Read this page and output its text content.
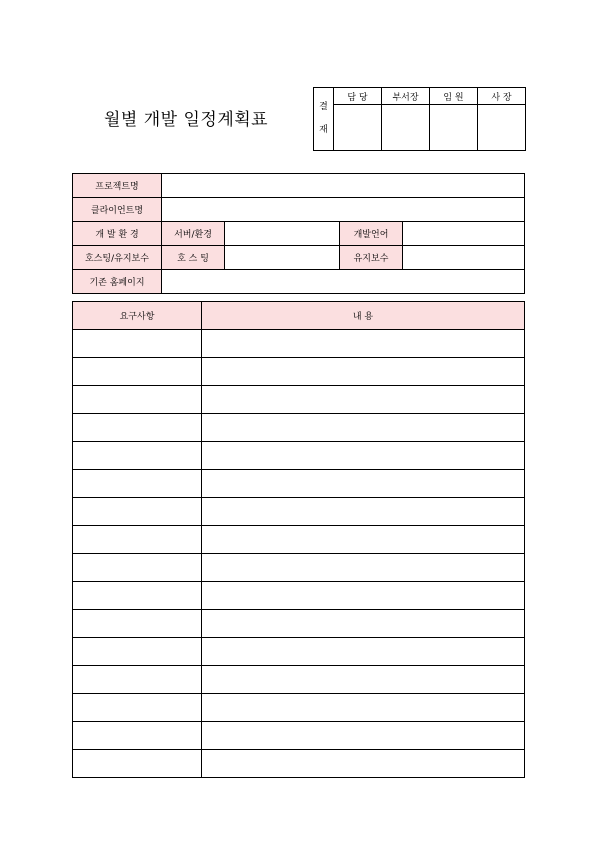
월별 개발 일정계획표
결
재	담 당	부서장	임 원	사 장

프로젝트명				
클라이언트명				
개 발 환 경	서버/환경		개발언어	
호스팅/유지보수	호 스 팅		유지보수	
기존 홈페이지				
요구사항	내 용
